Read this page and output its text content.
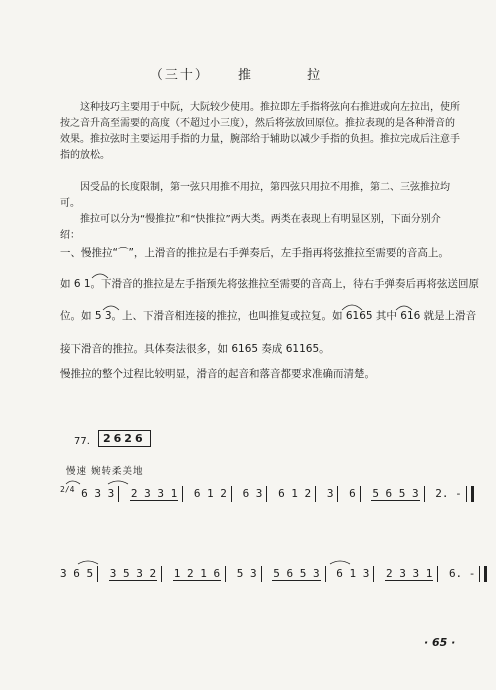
（三十） 推 拉

这种技巧主要用于中阮，大阮较少使用。推拉即左手指将弦向右推进或向左拉出，使所按之音升高至需要的高度（不超过小三度），然后将弦放回原位。推拉表现的是各种滑音的效果。推拉弦时主要运用手指的力量，腕部给于辅助以减少手指的负担。推拉完成后注意手指的放松。

因受品的长度限制，第一弦只用推不用拉，第四弦只用拉不用推，第二、三弦推拉均可。

推拉可以分为“慢推拉”和“快推拉”两大类。两类在表现上有明显区别，下面分别介绍：

一、慢推拉“⌒”，上滑音的推拉是右手弹奏后，左手指再将弦推拉至需要的音高上。
如 6 1。下滑音的推拉是左手指预先将弦推拉至需要的音高上，待右手弹奏后再将弦送回原
位。如 5 3。上、下滑音相连接的推拉，也叫推复或拉复。如 6165 其中 616 就是上滑音
接下滑音的推拉。具体奏法很多，如 6165 奏成 61165。
慢推拉的整个过程比较明显，滑音的起音和落音都要求准确而清楚。
77.	2626
慢速 婉转柔美地
2/4 6 3 3 2 3 3 1 6 1 2 6 3 6 1 2 3 6 5 6 5 3 2. -
3 6 5 3 5 3 2 1 2 1 6 5 3 5 6 5 3 6 1 3 2 3 3 1 6. -
· 65 ·
